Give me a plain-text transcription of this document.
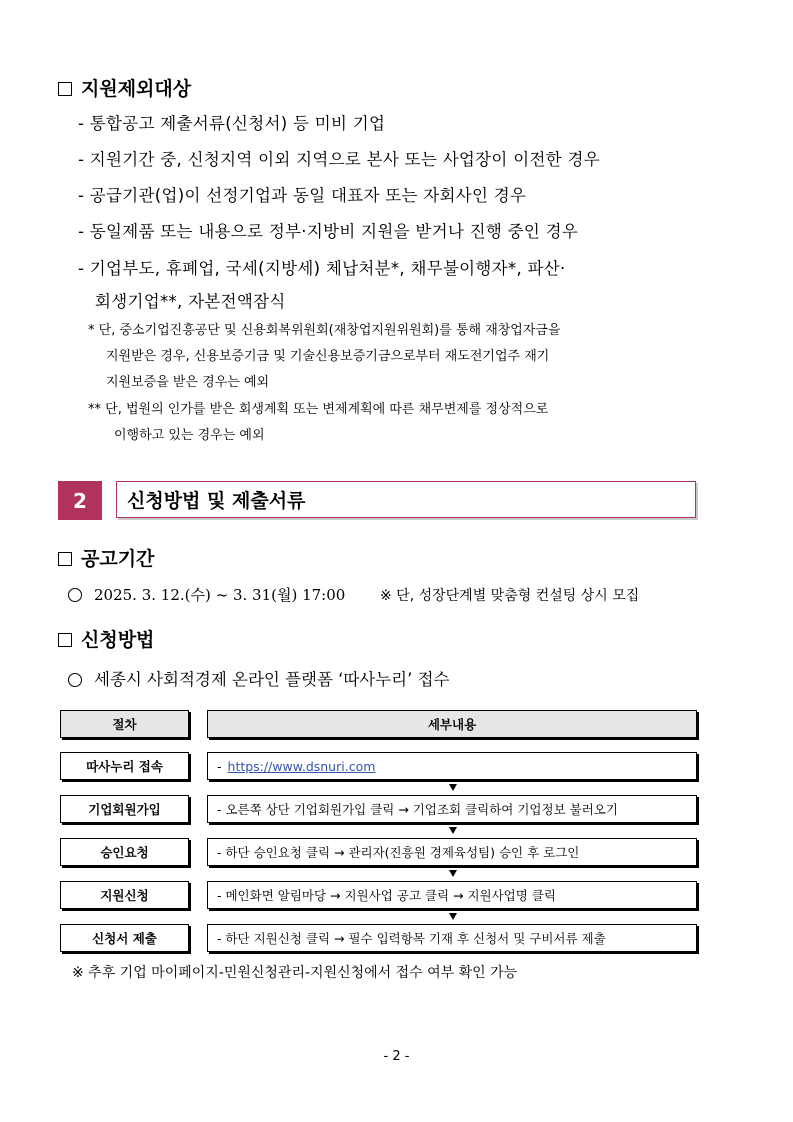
지원제외대상
- 통합공고 제출서류(신청서) 등 미비 기업
- 지원기간 중, 신청지역 이외 지역으로 본사 또는 사업장이 이전한 경우
- 공급기관(업)이 선정기업과 동일 대표자 또는 자회사인 경우
- 동일제품 또는 내용으로 정부·지방비 지원을 받거나 진행 중인 경우
- 기업부도, 휴폐업, 국세(지방세) 체납처분*, 채무불이행자*, 파산·
회생기업**, 자본전액잠식
* 단, 중소기업진흥공단 및 신용회복위원회(재창업지원위원회)를 통해 재창업자금을
지원받은 경우, 신용보증기금 및 기술신용보증기금으로부터 재도전기업주 재기
지원보증을 받은 경우는 예외
** 단, 법원의 인가를 받은 회생계획 또는 변제계획에 따른 채무변제를 정상적으로
이행하고 있는 경우는 예외
2	신청방법 및 제출서류
공고기간
2025. 3. 12.(수) ~ 3. 31(월) 17:00 ※ 단, 성장단계별 맞춤형 컨설팅 상시 모집
신청방법
세종시 사회적경제 온라인 플랫폼 ‘따사누리’ 접수
절차	세부내용
따사누리 접속	- https://www.dsnuri.com
기업회원가입	- 오른쪽 상단 기업회원가입 클릭 → 기업조회 클릭하여 기업정보 불러오기
승인요청	- 하단 승인요청 클릭 → 관리자(진흥원 경제육성팀) 승인 후 로그인
지원신청	- 메인화면 알림마당 → 지원사업 공고 클릭 → 지원사업명 클릭
신청서 제출	- 하단 지원신청 클릭 → 필수 입력항목 기재 후 신청서 및 구비서류 제출
※ 추후 기업 마이페이지-민원신청관리-지원신청에서 접수 여부 확인 가능
- 2 -
